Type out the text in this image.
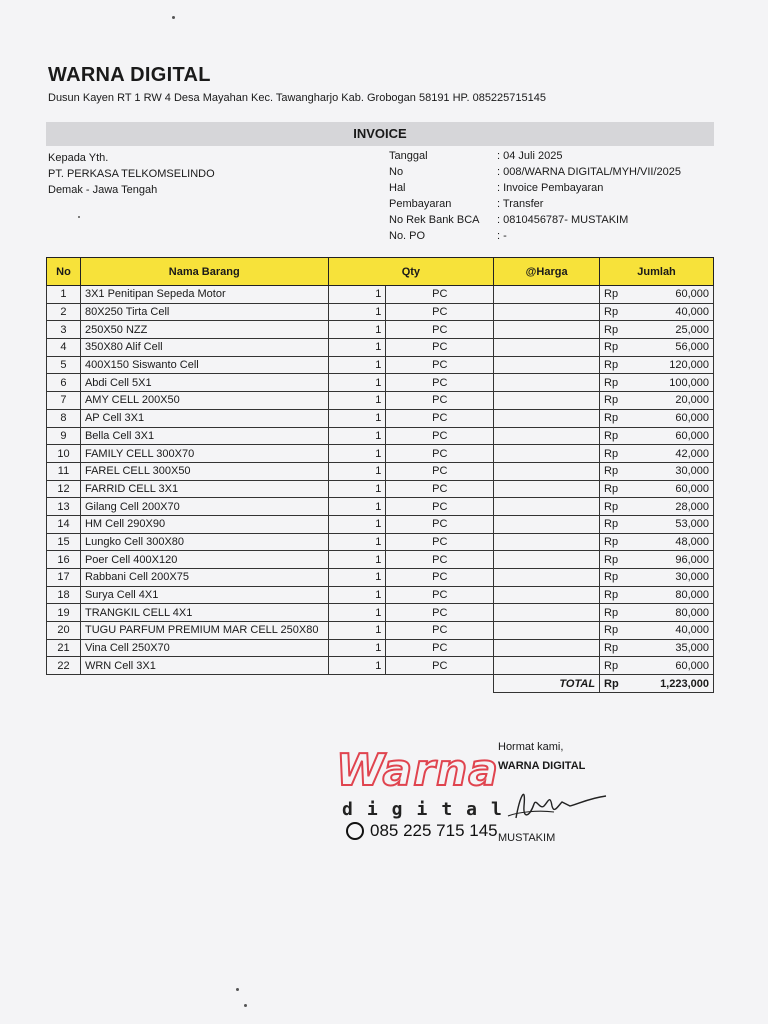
WARNA DIGITAL
Dusun Kayen RT 1 RW 4 Desa Mayahan Kec. Tawangharjo Kab. Grobogan 58191 HP. 085225715145
INVOICE
Kepada Yth.
PT. PERKASA TELKOMSELINDO
Demak - Jawa Tengah
Tanggal	: 04 Juli 2025
No	: 008/WARNA DIGITAL/MYH/VII/2025
Hal	: Invoice Pembayaran
Pembayaran	: Transfer
No Rek Bank BCA	: 0810456787- MUSTAKIM
No. PO	: -
No	Nama Barang	Qty		@Harga	Jumlah	
1	3X1 Penitipan Sepeda Motor	1	PC		Rp	60,000
2	80X250 Tirta Cell	1	PC		Rp	40,000
3	250X50 NZZ	1	PC		Rp	25,000
4	350X80 Alif Cell	1	PC		Rp	56,000
5	400X150 Siswanto Cell	1	PC		Rp	120,000
6	Abdi Cell 5X1	1	PC		Rp	100,000
7	AMY CELL 200X50	1	PC		Rp	20,000
8	AP Cell 3X1	1	PC		Rp	60,000
9	Bella Cell 3X1	1	PC		Rp	60,000
10	FAMILY CELL 300X70	1	PC		Rp	42,000
11	FAREL CELL 300X50	1	PC		Rp	30,000
12	FARRID CELL 3X1	1	PC		Rp	60,000
13	Gilang Cell 200X70	1	PC		Rp	28,000
14	HM Cell 290X90	1	PC		Rp	53,000
15	Lungko Cell 300X80	1	PC		Rp	48,000
16	Poer Cell 400X120	1	PC		Rp	96,000
17	Rabbani Cell 200X75	1	PC		Rp	30,000
18	Surya Cell 4X1	1	PC		Rp	80,000
19	TRANGKIL CELL 4X1	1	PC		Rp	80,000
20	TUGU PARFUM PREMIUM MAR CELL 250X80	1	PC		Rp	40,000
21	Vina Cell 250X70	1	PC		Rp	35,000
22	WRN Cell 3X1	1	PC		Rp	60,000
				TOTAL	Rp	1,223,000
Warna
digital
085 225 715 145
Hormat kami,
WARNA DIGITAL
MUSTAKIM
